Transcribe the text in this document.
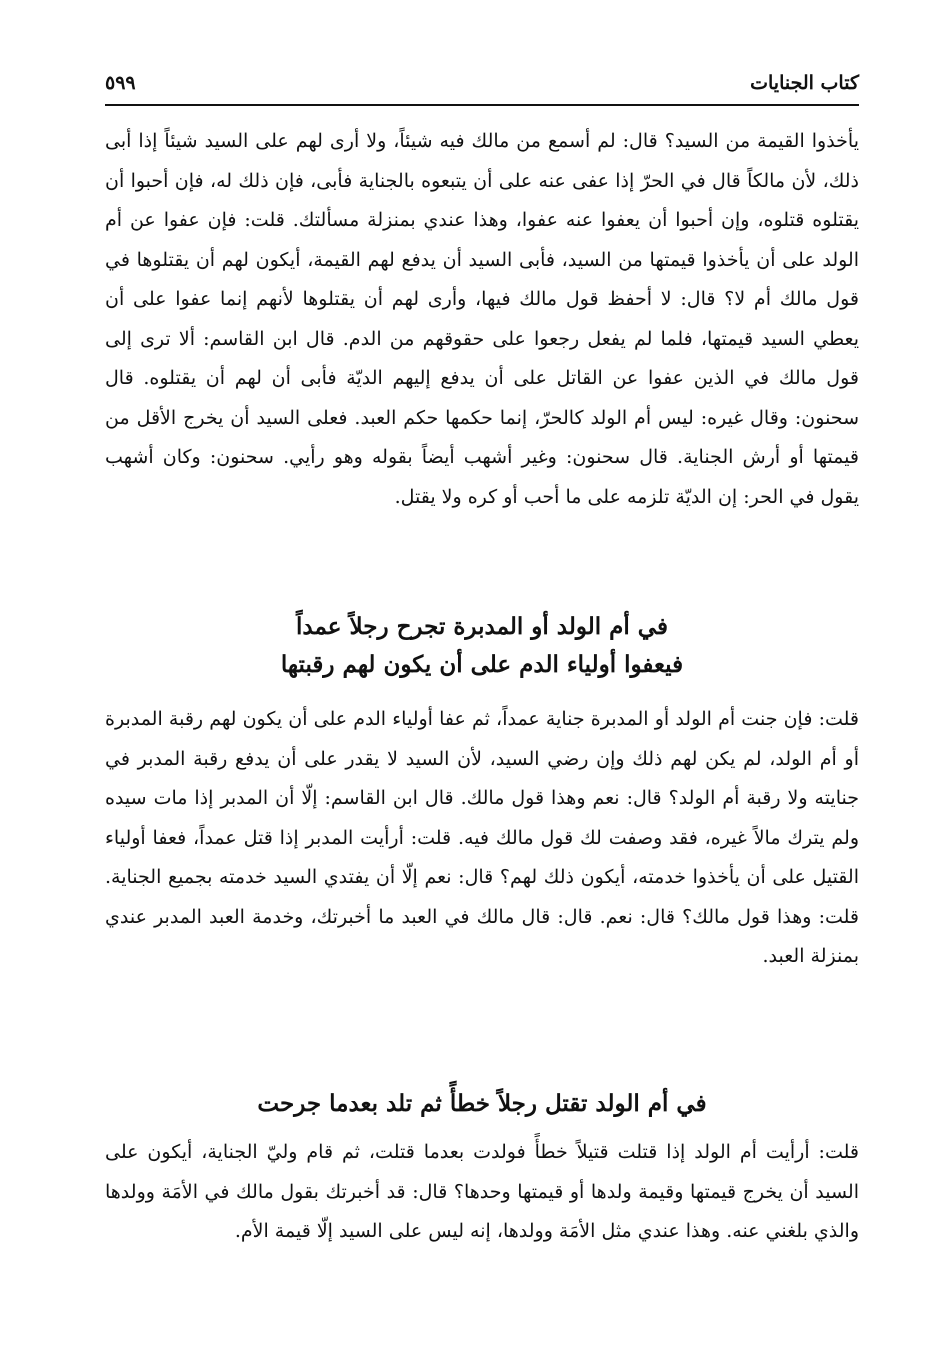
كتاب الجنايات
٥٩٩

يأخذوا القيمة من السيد؟ قال: لم أسمع من مالك فيه شيئاً، ولا أرى لهم على السيد شيئاً إذا أبى ذلك، لأن مالكاً قال في الحرّ إذا عفى عنه على أن يتبعوه بالجناية فأبى، فإن ذلك له، فإن أحبوا أن يقتلوه قتلوه، وإن أحبوا أن يعفوا عنه عفوا، وهذا عندي بمنزلة مسألتك. قلت: فإن عفوا عن أم الولد على أن يأخذوا قيمتها من السيد، فأبى السيد أن يدفع لهم القيمة، أيكون لهم أن يقتلوها في قول مالك أم لا؟ قال: لا أحفظ قول مالك فيها، وأرى لهم أن يقتلوها لأنهم إنما عفوا على أن يعطي السيد قيمتها، فلما لم يفعل رجعوا على حقوقهم من الدم. قال ابن القاسم: ألا ترى إلى قول مالك في الذين عفوا عن القاتل على أن يدفع إليهم الديّة فأبى أن لهم أن يقتلوه. قال سحنون: وقال غيره: ليس أم الولد كالحرّ، إنما حكمها حكم العبد. فعلى السيد أن يخرج الأقل من قيمتها أو أرش الجناية. قال سحنون: وغير أشهب أيضاً بقوله وهو رأيي. سحنون: وكان أشهب يقول في الحر: إن الديّة تلزمه على ما أحب أو كره ولا يقتل.

في أم الولد أو المدبرة تجرح رجلاً عمداً
فيعفوا أولياء الدم على أن يكون لهم رقبتها

قلت: فإن جنت أم الولد أو المدبرة جناية عمداً، ثم عفا أولياء الدم على أن يكون لهم رقبة المدبرة أو أم الولد، لم يكن لهم ذلك وإن رضي السيد، لأن السيد لا يقدر على أن يدفع رقبة المدبر في جنايته ولا رقبة أم الولد؟ قال: نعم وهذا قول مالك. قال ابن القاسم: إلّا أن المدبر إذا مات سيده ولم يترك مالاً غيره، فقد وصفت لك قول مالك فيه. قلت: أرأيت المدبر إذا قتل عمداً، فعفا أولياء القتيل على أن يأخذوا خدمته، أيكون ذلك لهم؟ قال: نعم إلّا أن يفتدي السيد خدمته بجميع الجناية. قلت: وهذا قول مالك؟ قال: نعم. قال: قال مالك في العبد ما أخبرتك، وخدمة العبد المدبر عندي بمنزلة العبد.

في أم الولد تقتل رجلاً خطأً ثم تلد بعدما جرحت

قلت: أرأيت أم الولد إذا قتلت قتيلاً خطأً فولدت بعدما قتلت، ثم قام وليّ الجناية، أيكون على السيد أن يخرج قيمتها وقيمة ولدها أو قيمتها وحدها؟ قال: قد أخبرتك بقول مالك في الأمَة وولدها والذي بلغني عنه. وهذا عندي مثل الأمَة وولدها، إنه ليس على السيد إلّا قيمة الأم.
